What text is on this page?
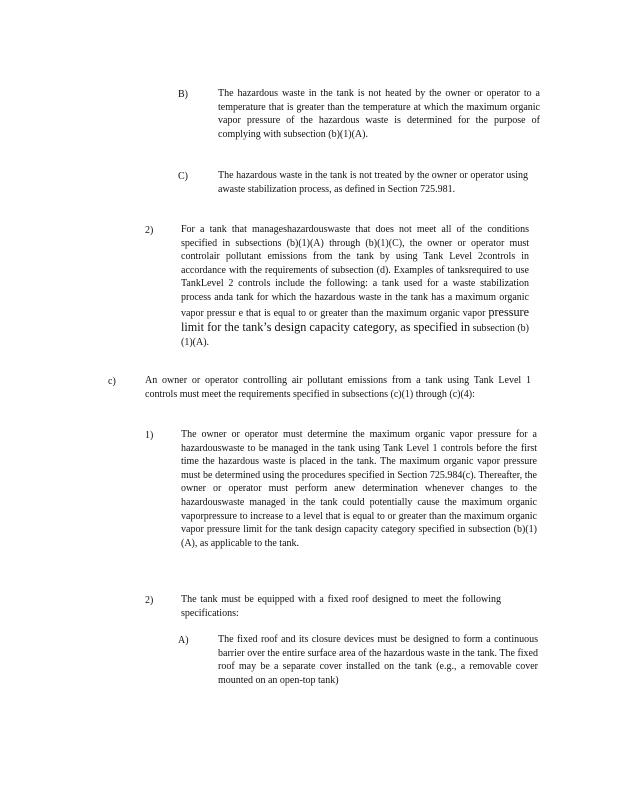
B)	The hazardous waste in the tank is not heated by the owner or operator to a temperature that is greater than the temperature at which the maximum organic vapor pressure of the hazardous waste is determined for the purpose of complying with subsection (b)(1)(A).
C)	The hazardous waste in the tank is not treated by the owner or operator using awaste stabilization process, as defined in Section 725.981.
2)	For a tank that manageshazardouswaste that does not meet all of the conditions specified in subsections (b)(1)(A) through (b)(1)(C), the owner or operator must controlair pollutant emissions from the tank by using Tank Level 2controls in accordance with the requirements of subsection (d). Examples of tanksrequired to use TankLevel 2 controls include the following: a tank used for a waste stabilization process anda tank for which the hazardous waste in the tank has a maximum organic vapor pressur e that is equal to or greater than the maximum organic vapor pressure limit for the tank’s design capacity category, as specified in subsection (b)(1)(A).
c)	An owner or operator controlling air pollutant emissions from a tank using Tank Level 1 controls must meet the requirements specified in subsections (c)(1) through (c)(4):
1)	The owner or operator must determine the maximum organic vapor pressure for a hazardouswaste to be managed in the tank using Tank Level 1 controls before the first time the hazardous waste is placed in the tank. The maximum organic vapor pressure must be determined using the procedures specified in Section 725.984(c). Thereafter, the owner or operator must perform anew determination whenever changes to the hazardouswaste managed in the tank could potentially cause the maximum organic vaporpressure to increase to a level that is equal to or greater than the maximum organic vapor pressure limit for the tank design capacity category specified in subsection (b)(1)(A), as applicable to the tank.
2)	The tank must be equipped with a fixed roof designed to meet the following specifications:
A)	The fixed roof and its closure devices must be designed to form a continuous barrier over the entire surface area of the hazardous waste in the tank. The fixed roof may be a separate cover installed on the tank (e.g., a removable cover mounted on an open-top tank)
